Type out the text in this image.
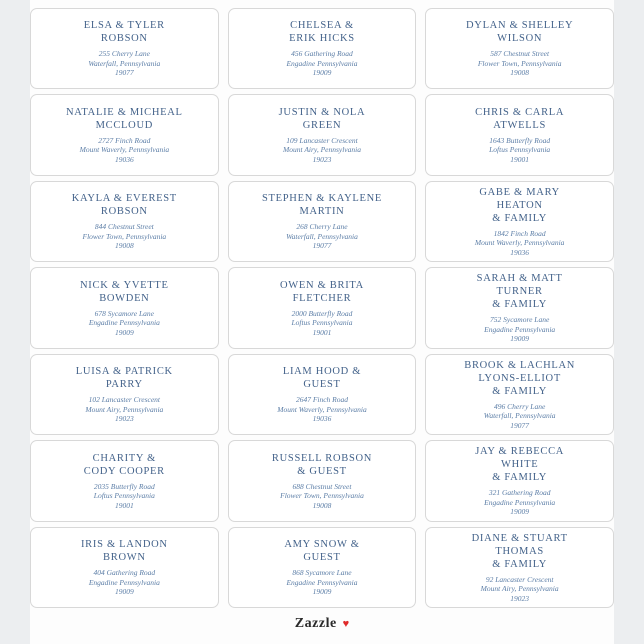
ELSA & TYLER
ROBSON
255 Cherry Lane
Waterfall, Pennsylvania
19077
CHELSEA &
ERIK HICKS
456 Gathering Road
Engadine Pennsylvania
19009
DYLAN & SHELLEY
WILSON
587 Chestnut Street
Flower Town, Pennsylvania
19008
NATALIE & MICHEAL
MCCLOUD
2727 Finch Road
Mount Waverly, Pennsylvania
19036
JUSTIN & NOLA
GREEN
109 Lancaster Crescent
Mount Airy, Pennsylvania
19023
CHRIS & CARLA
ATWELLS
1643 Butterfly Road
Loftus Pennsylvania
19001
KAYLA & EVEREST
ROBSON
844 Chestnut Street
Flower Town, Pennsylvania
19008
STEPHEN & KAYLENE
MARTIN
268 Cherry Lane
Waterfall, Pennsylvania
19077
GABE & MARY
HEATON
& FAMILY
1842 Finch Road
Mount Waverly, Pennsylvania
19036
NICK & YVETTE
BOWDEN
678 Sycamore Lane
Engadine Pennsylvania
19009
OWEN & BRITA
FLETCHER
2000 Butterfly Road
Loftus Pennsylvania
19001
SARAH & MATT
TURNER
& FAMILY
752 Sycamore Lane
Engadine Pennsylvania
19009
LUISA & PATRICK
PARRY
102 Lancaster Crescent
Mount Airy, Pennsylvania
19023
LIAM HOOD &
GUEST
2647 Finch Road
Mount Waverly, Pennsylvania
19036
BROOK & LACHLAN
LYONS-ELLIOT
& FAMILY
496 Cherry Lane
Waterfall, Pennsylvania
19077
CHARITY &
CODY COOPER
2035 Butterfly Road
Loftus Pennsylvania
19001
RUSSELL ROBSON
& GUEST
688 Chestnut Street
Flower Town, Pennsylvania
19008
JAY & REBECCA
WHITE
& FAMILY
321 Gathering Road
Engadine Pennsylvania
19009
IRIS & LANDON
BROWN
404 Gathering Road
Engadine Pennsylvania
19009
AMY SNOW &
GUEST
868 Sycamore Lane
Engadine Pennsylvania
19009
DIANE & STUART
THOMAS
& FAMILY
92 Lancaster Crescent
Mount Airy, Pennsylvania
19023
Zazzle ♥
